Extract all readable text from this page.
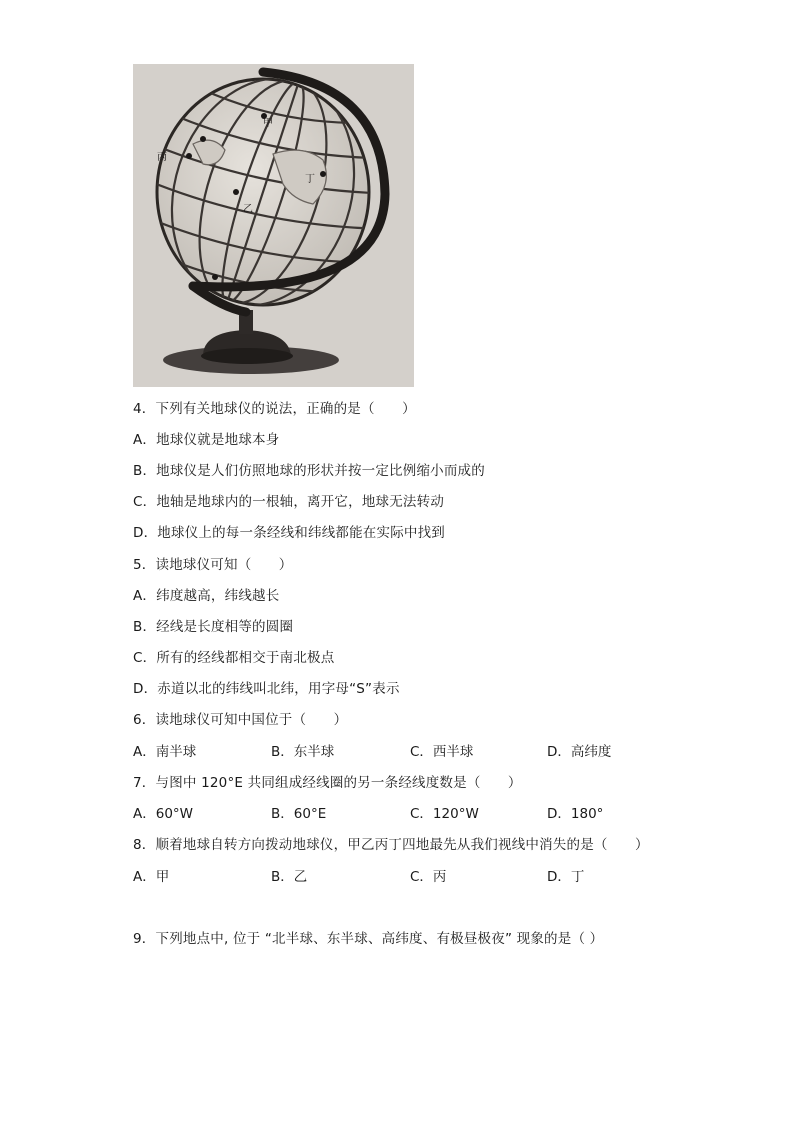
丙
甲
乙
丁
4．下列有关地球仪的说法，正确的是（　　）
A．地球仪就是地球本身
B．地球仪是人们仿照地球的形状并按一定比例缩小而成的
C．地轴是地球内的一根轴，离开它，地球无法转动
D．地球仪上的每一条经线和纬线都能在实际中找到
5．读地球仪可知（　　）
A．纬度越高，纬线越长
B．经线是长度相等的圆圈
C．所有的经线都相交于南北极点
D．赤道以北的纬线叫北纬，用字母“S”表示
6．读地球仪可知中国位于（　　）
A．南半球	B．东半球	C．西半球	D．高纬度
7．与图中 120°E 共同组成经线圈的另一条经线度数是（　　）
A．60°W	B．60°E	C．120°W	D．180°
8．顺着地球自转方向拨动地球仪，甲乙丙丁四地最先从我们视线中消失的是（　　）
A．甲	B．乙	C．丙	D．丁
9．下列地点中, 位于 “北半球、东半球、高纬度、有极昼极夜” 现象的是（ ）
